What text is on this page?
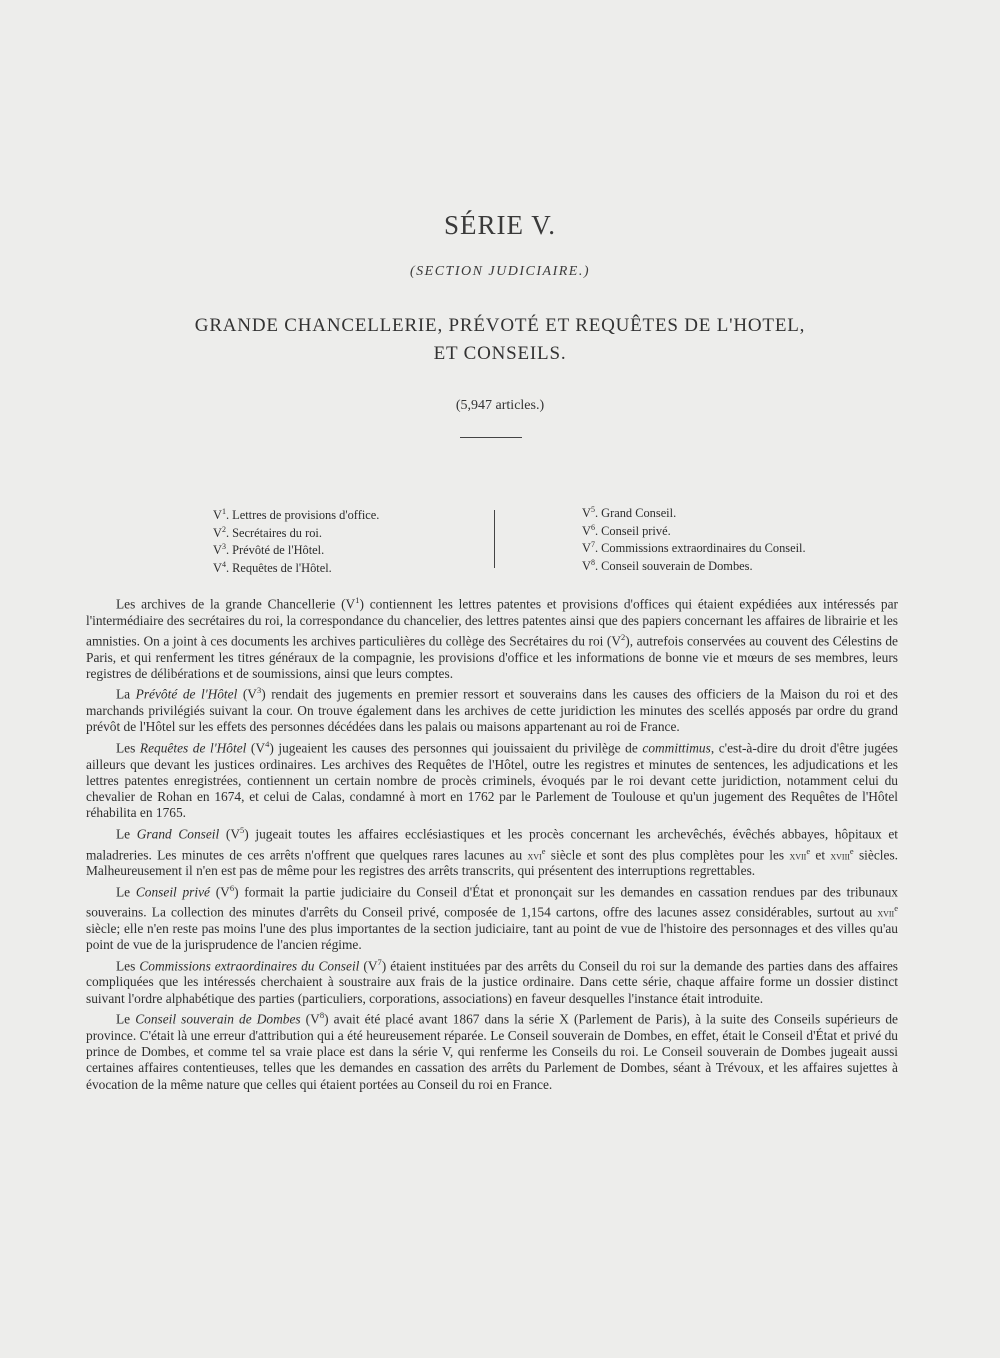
SÉRIE V.
(SECTION JUDICIAIRE.)
GRANDE CHANCELLERIE, PRÉVOTÉ ET REQUÊTES DE L'HOTEL,
ET CONSEILS.
(5,947 articles.)
$V^1$. Lettres de provisions d'office.
$V^2$. Secrétaires du roi.
$V^3$. Prévôté de l'Hôtel.
$V^4$. Requêtes de l'Hôtel.
$V^5$. Grand Conseil.
$V^6$. Conseil privé.
$V^7$. Commissions extraordinaires du Conseil.
$V^8$. Conseil souverain de Dombes.

Les archives de la grande Chancellerie $(V^1)$ contiennent les lettres patentes et provisions d'offices qui étaient expédiées aux intéressés par l'intermédiaire des secrétaires du roi, la correspondance du chancelier, des lettres patentes ainsi que des papiers concernant les affaires de librairie et les amnisties. On a joint à ces documents les archives particulières du collège des Secrétaires du roi $(V^2)$, autrefois conservées au couvent des Célestins de Paris, et qui renferment les titres généraux de la compagnie, les provisions d'office et les informations de bonne vie et mœurs de ses membres, leurs registres de délibérations et de soumissions, ainsi que leurs comptes.

La Prévôté de l'Hôtel $(V^3)$ rendait des jugements en premier ressort et souverains dans les causes des officiers de la Maison du roi et des marchands privilégiés suivant la cour. On trouve également dans les archives de cette juridiction les minutes des scellés apposés par ordre du grand prévôt de l'Hôtel sur les effets des personnes décédées dans les palais ou maisons appartenant au roi de France.

Les Requêtes de l'Hôtel $(V^4)$ jugeaient les causes des personnes qui jouissaient du privilège de committimus, c'est-à-dire du droit d'être jugées ailleurs que devant les justices ordinaires. Les archives des Requêtes de l'Hôtel, outre les registres et minutes de sentences, les adjudications et les lettres patentes enregistrées, contiennent un certain nombre de procès criminels, évoqués par le roi devant cette juridiction, notamment celui du chevalier de Rohan en 1674, et celui de Calas, condamné à mort en 1762 par le Parlement de Toulouse et qu'un jugement des Requêtes de l'Hôtel réhabilita en 1765.

Le Grand Conseil $(V^5)$ jugeait toutes les affaires ecclésiastiques et les procès concernant les archevêchés, évêchés abbayes, hôpitaux et maladreries. Les minutes de ces arrêts n'offrent que quelques rares lacunes au xvi$^e$ siècle et sont des plus complètes pour les xvii$^e$ et xviii$^e$ siècles. Malheureusement il n'en est pas de même pour les registres des arrêts transcrits, qui présentent des interruptions regrettables.

Le Conseil privé $(V^6)$ formait la partie judiciaire du Conseil d'État et prononçait sur les demandes en cassation rendues par des tribunaux souverains. La collection des minutes d'arrêts du Conseil privé, composée de 1,154 cartons, offre des lacunes assez considérables, surtout au xvii$^e$ siècle; elle n'en reste pas moins l'une des plus importantes de la section judiciaire, tant au point de vue de l'histoire des personnages et des villes qu'au point de vue de la jurisprudence de l'ancien régime.

Les Commissions extraordinaires du Conseil $(V^7)$ étaient instituées par des arrêts du Conseil du roi sur la demande des parties dans des affaires compliquées que les intéressés cherchaient à soustraire aux frais de la justice ordinaire. Dans cette série, chaque affaire forme un dossier distinct suivant l'ordre alphabétique des parties (particuliers, corporations, associations) en faveur desquelles l'instance était introduite.

Le Conseil souverain de Dombes $(V^8)$ avait été placé avant 1867 dans la série X (Parlement de Paris), à la suite des Conseils supérieurs de province. C'était là une erreur d'attribution qui a été heureusement réparée. Le Conseil souverain de Dombes, en effet, était le Conseil d'État et privé du prince de Dombes, et comme tel sa vraie place est dans la série V, qui renferme les Conseils du roi. Le Conseil souverain de Dombes jugeait aussi certaines affaires contentieuses, telles que les demandes en cassation des arrêts du Parlement de Dombes, séant à Trévoux, et les affaires sujettes à évocation de la même nature que celles qui étaient portées au Conseil du roi en France.
